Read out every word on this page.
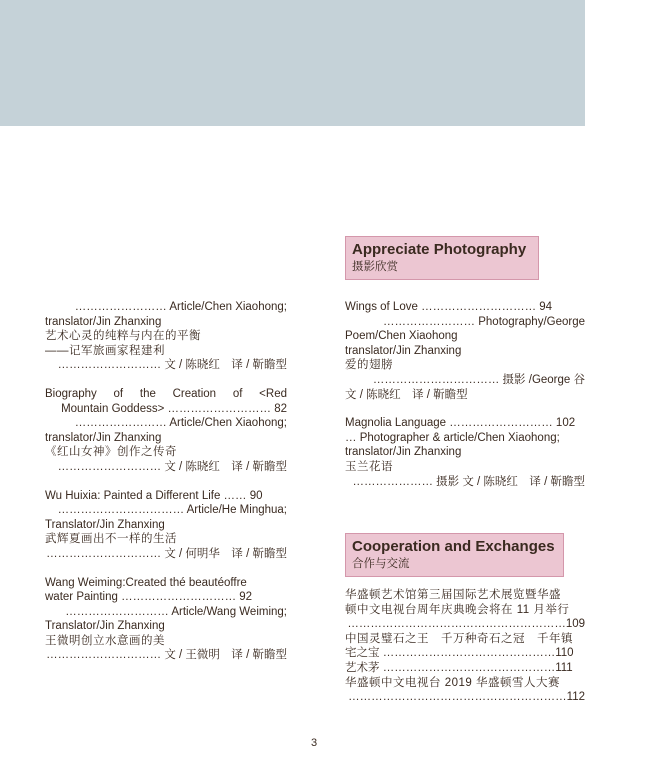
…………………… Article/Chen Xiaohong;
translator/Jin Zhanxing
艺术心灵的纯粹与内在的平衡
——记军旅画家程建利
……………………… 文 / 陈晓红　译 / 靳瞻型
Biography of the Creation of <Red
Mountain Goddess> ……………………… 82
…………………… Article/Chen Xiaohong;
translator/Jin Zhanxing
《红山女神》创作之传奇
……………………… 文 / 陈晓红　译 / 靳瞻型
Wu Huixia: Painted a Different Life …… 90
…………………………… Article/He Minghua;
Translator/Jin Zhanxing
武辉夏画出不一样的生活
………………………… 文 / 何明华　译 / 靳瞻型
Wang Weiming:Created thé beautéoffre
water Painting ………………………… 92
……………………… Article/Wang Weiming;
Translator/Jin Zhanxing
王微明创立水意画的美
………………………… 文 / 王微明　译 / 靳瞻型
Appreciate Photography
摄影欣赏
Wings of Love ………………………… 94
…………………… Photography/George
Poem/Chen Xiaohong
translator/Jin Zhanxing
爱的翅膀
…………………………… 摄影 /George 谷
文 / 陈晓红　译 / 靳瞻型
Magnolia Language ……………………… 102
… Photographer & article/Chen Xiaohong;
translator/Jin Zhanxing
玉兰花语
………………… 摄影 文 / 陈晓红　译 / 靳瞻型
Cooperation and Exchanges
合作与交流
华盛顿艺术馆第三届国际艺术展览暨华盛
顿中文电视台周年庆典晚会将在 11 月举行
…………………………………………………109
中国灵璧石之王　千万种奇石之冠　千年镇
宅之宝 ………………………………………110
艺术茅 ………………………………………111
华盛顿中文电视台 2019 华盛顿雪人大赛
…………………………………………………112
3
